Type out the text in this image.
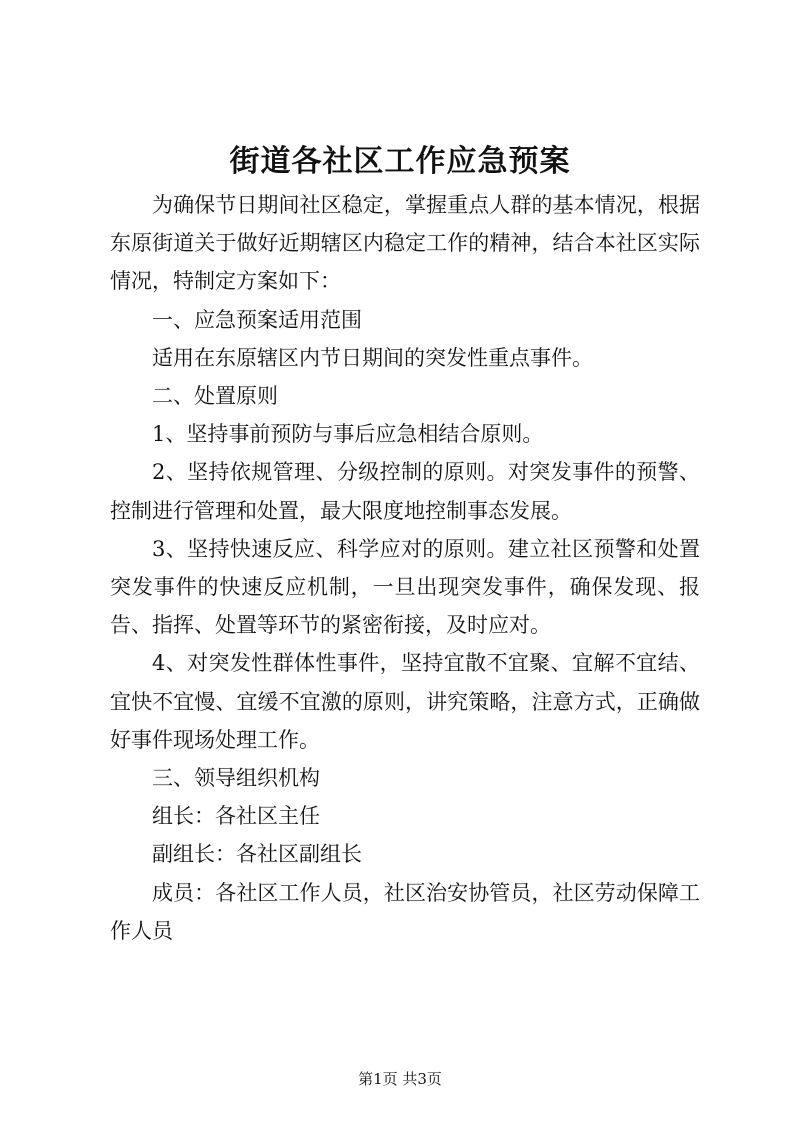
街道各社区工作应急预案

为确保节日期间社区稳定，掌握重点人群的基本情况，根据东原街道关于做好近期辖区内稳定工作的精神，结合本社区实际情况，特制定方案如下：

一、应急预案适用范围

适用在东原辖区内节日期间的突发性重点事件。

二、处置原则

1、坚持事前预防与事后应急相结合原则。

2、坚持依规管理、分级控制的原则。对突发事件的预警、控制进行管理和处置，最大限度地控制事态发展。

3、坚持快速反应、科学应对的原则。建立社区预警和处置突发事件的快速反应机制，一旦出现突发事件，确保发现、报告、指挥、处置等环节的紧密衔接，及时应对。

4、对突发性群体性事件，坚持宜散不宜聚、宜解不宜结、宜快不宜慢、宜缓不宜激的原则，讲究策略，注意方式，正确做好事件现场处理工作。

三、领导组织机构

组长：各社区主任

副组长：各社区副组长

成员：各社区工作人员，社区治安协管员，社区劳动保障工作人员

第1页 共3页
